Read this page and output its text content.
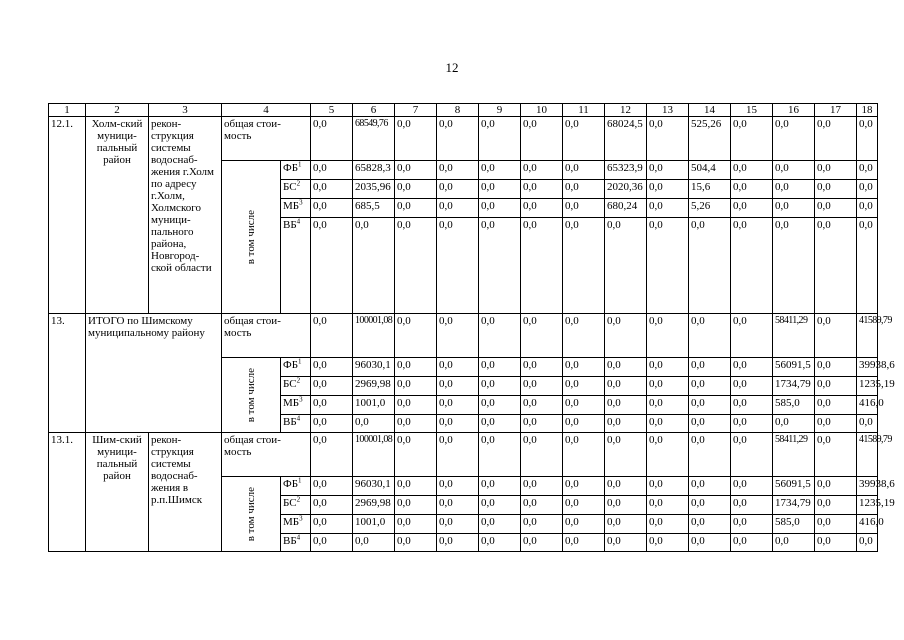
12
1	2	3	4		5	6	7	8	9	10	11	12	13	14	15	16	17	18
12.1.	Холм-ский муници-пальный район	рекон-струкция системы водоснаб-жения г.Холм по адресу г.Холм, Холмского муници-пального района, Новгород-ской области	общая стои-мость		0,0	68549,76	0,0	0,0	0,0	0,0	0,0	68024,5	0,0	525,26	0,0	0,0	0,0	0,0

			в том числе	$ФБ^1$	0,0	65828,3	0,0	0,0	0,0	0,0	0,0	65323,9	0,0	504,4	0,0	0,0	0,0	0,0
				$БС^2$	0,0	2035,96	0,0	0,0	0,0	0,0	0,0	2020,36	0,0	15,6	0,0	0,0	0,0	0,0
				$МБ^3$	0,0	685,5	0,0	0,0	0,0	0,0	0,0	680,24	0,0	5,26	0,0	0,0	0,0	0,0
				$ВБ^4$	0,0	0,0	0,0	0,0	0,0	0,0	0,0	0,0	0,0	0,0	0,0	0,0	0,0	0,0
13.	ИТОГО по Шимскому муниципальному району		общая стои-мость		0,0	100001,08	0,0	0,0	0,0	0,0	0,0	0,0	0,0	0,0	0,0	58411,29	0,0	41589,79

			в том числе	$ФБ^1$	0,0	96030,1	0,0	0,0	0,0	0,0	0,0	0,0	0,0	0,0	0,0	56091,5	0,0	39938,6
				$БС^2$	0,0	2969,98	0,0	0,0	0,0	0,0	0,0	0,0	0,0	0,0	0,0	1734,79	0,0	1235,19
				$МБ^3$	0,0	1001,0	0,0	0,0	0,0	0,0	0,0	0,0	0,0	0,0	0,0	585,0	0,0	416,0
				$ВБ^4$	0,0	0,0	0,0	0,0	0,0	0,0	0,0	0,0	0,0	0,0	0,0	0,0	0,0	0,0
13.1.	Шим-ский муници-пальный район	рекон-струкция системы водоснаб-жения в р.п.Шимск	общая стои-мость		0,0	100001,08	0,0	0,0	0,0	0,0	0,0	0,0	0,0	0,0	0,0	58411,29	0,0	41589,79

			в том числе	$ФБ^1$	0,0	96030,1	0,0	0,0	0,0	0,0	0,0	0,0	0,0	0,0	0,0	56091,5	0,0	39938,6
				$БС^2$	0,0	2969,98	0,0	0,0	0,0	0,0	0,0	0,0	0,0	0,0	0,0	1734,79	0,0	1235,19
				$МБ^3$	0,0	1001,0	0,0	0,0	0,0	0,0	0,0	0,0	0,0	0,0	0,0	585,0	0,0	416,0
				$ВБ^4$	0,0	0,0	0,0	0,0	0,0	0,0	0,0	0,0	0,0	0,0	0,0	0,0	0,0	0,0
